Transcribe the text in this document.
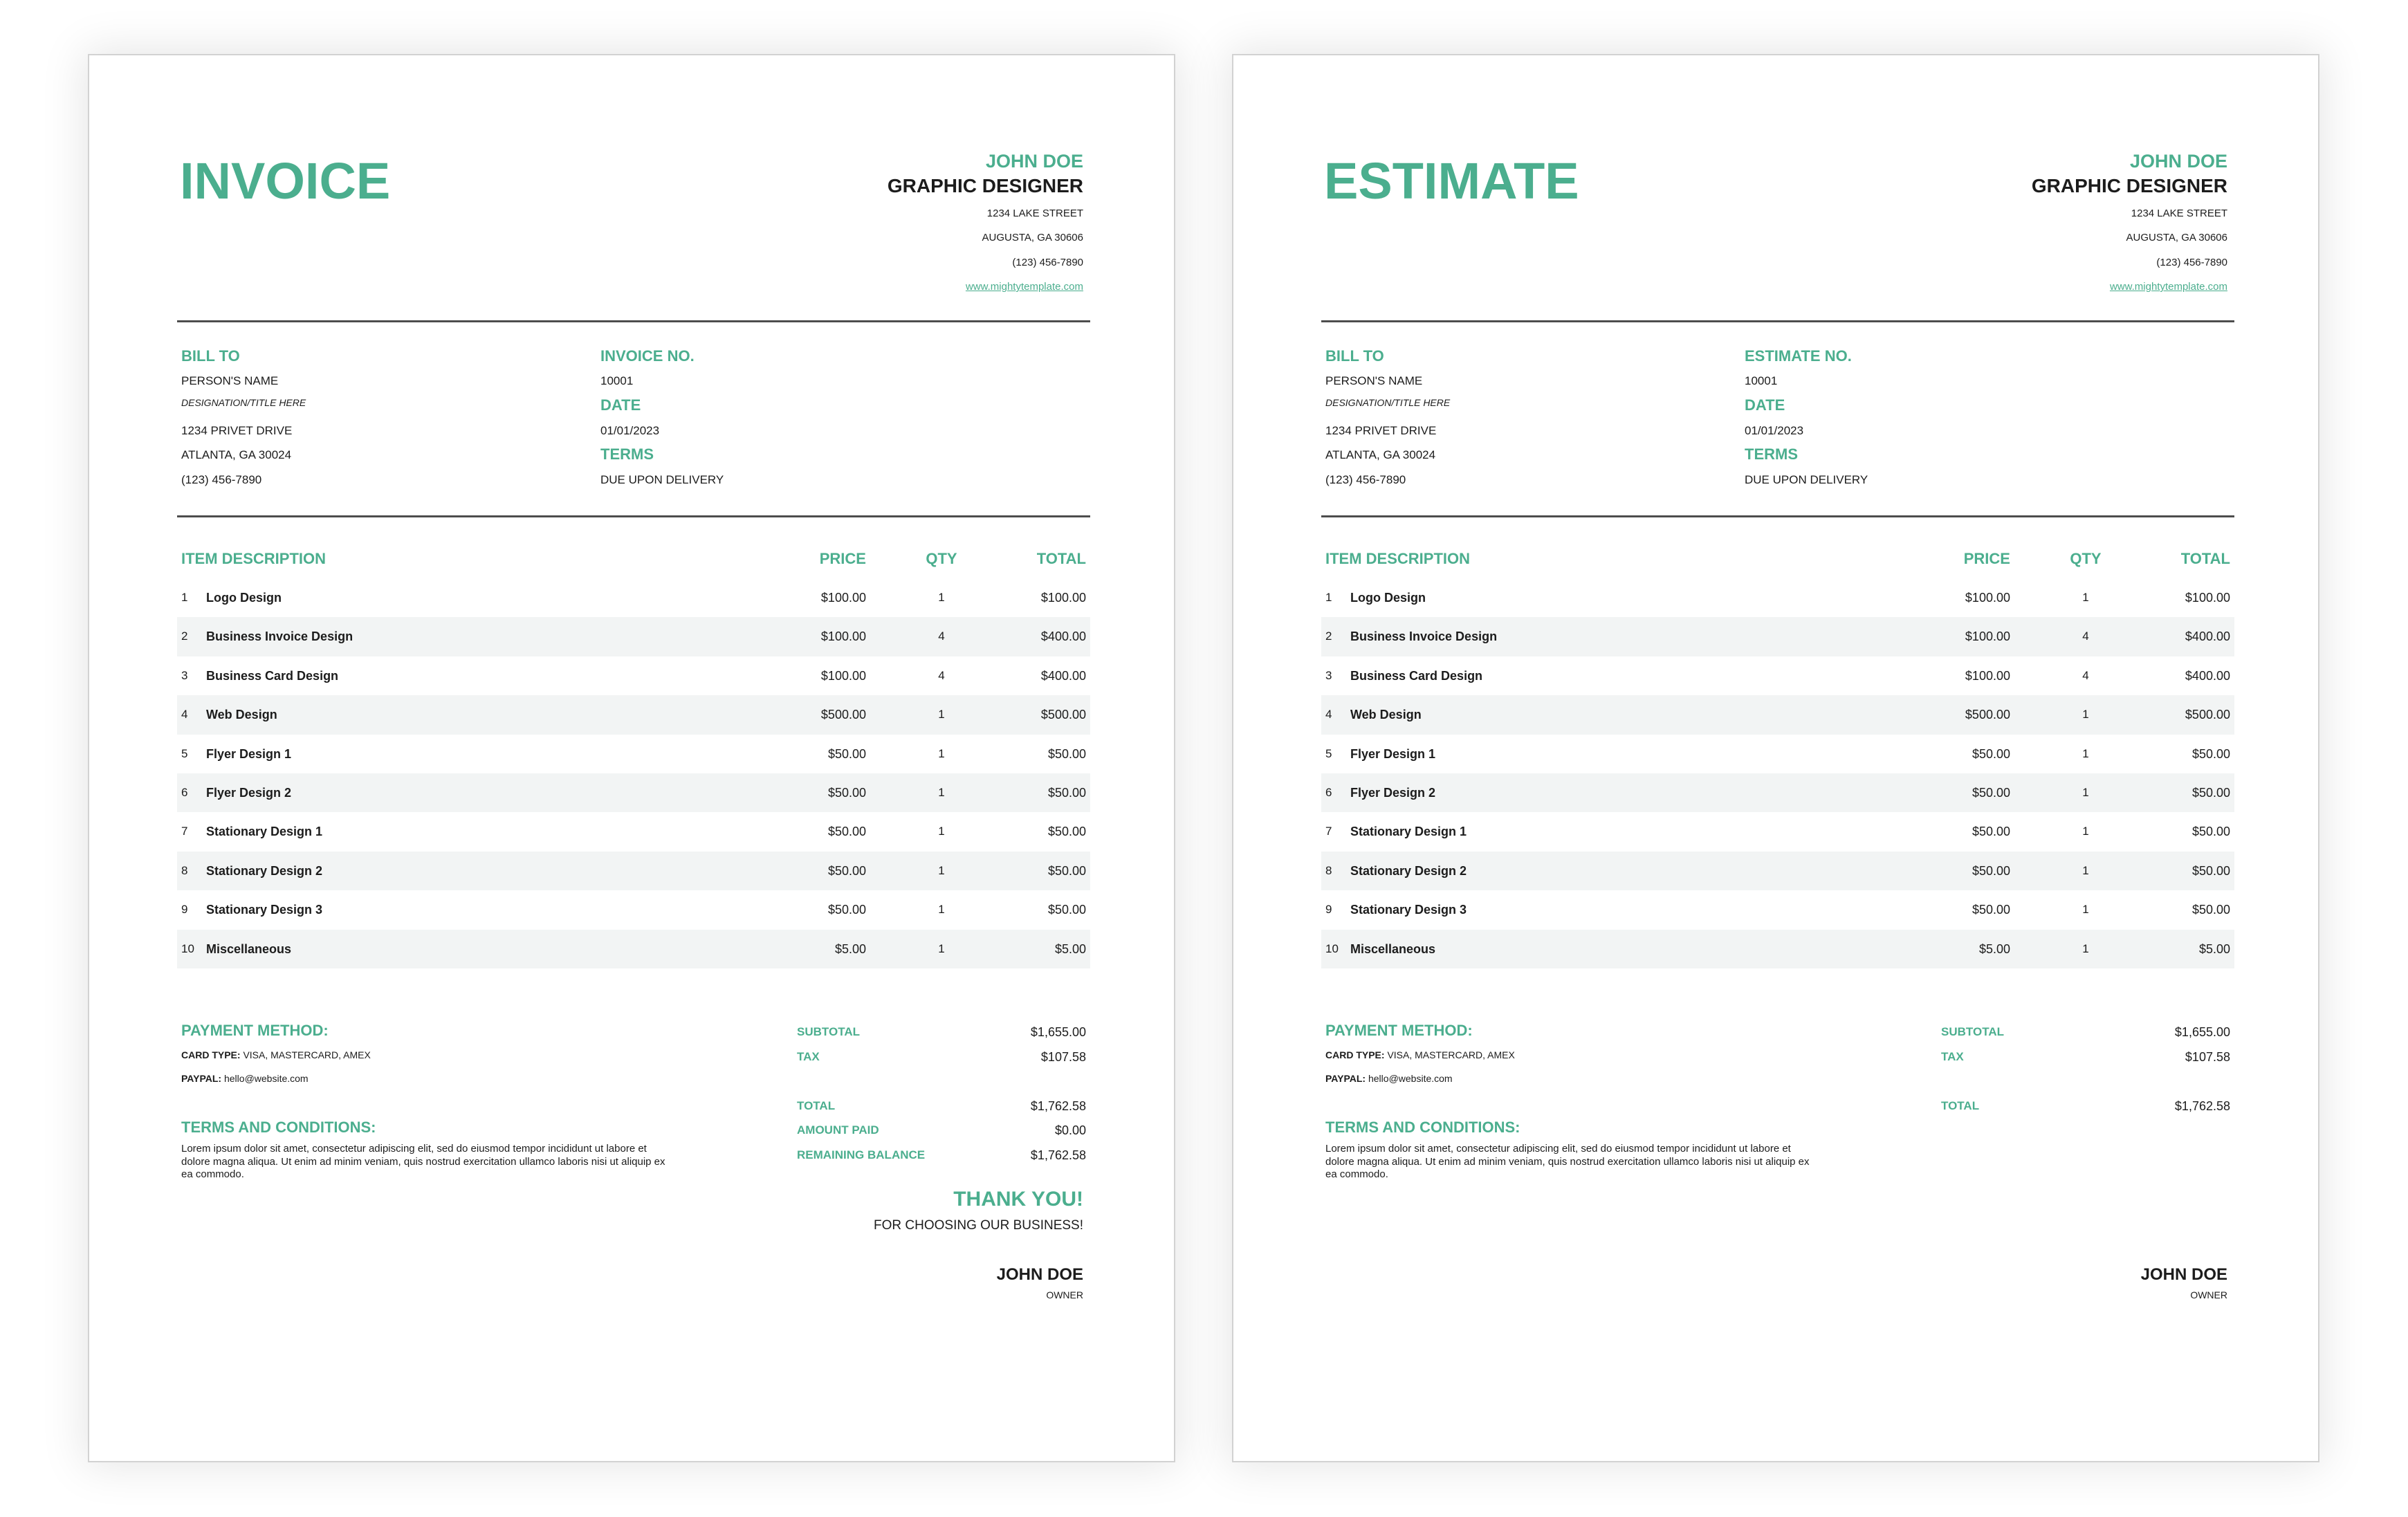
INVOICE	JOHN DOE
GRAPHIC DESIGNER
1234 LAKE STREET
AUGUSTA, GA 30606
(123) 456-7890
www.mightytemplate.com
BILL TO
PERSON'S NAME
DESIGNATION/TITLE HERE
1234 PRIVET DRIVE
ATLANTA, GA 30024
(123) 456-7890
INVOICE NO.
10001
DATE
01/01/2023
TERMS
DUE UPON DELIVERY
ITEM DESCRIPTION	PRICE	QTY	TOTAL
1 Logo Design	$100.00	1	$100.00
2 Business Invoice Design	$100.00	4	$400.00
3 Business Card Design	$100.00	4	$400.00
4 Web Design	$500.00	1	$500.00
5 Flyer Design 1	$50.00	1	$50.00
6 Flyer Design 2	$50.00	1	$50.00
7 Stationary Design 1	$50.00	1	$50.00
8 Stationary Design 2	$50.00	1	$50.00
9 Stationary Design 3	$50.00	1	$50.00
10 Miscellaneous	$5.00	1	$5.00
PAYMENT METHOD:
CARD TYPE: VISA, MASTERCARD, AMEX
PAYPAL: hello@website.com
TERMS AND CONDITIONS:
Lorem ipsum dolor sit amet, consectetur adipiscing elit, sed do eiusmod tempor incididunt ut labore et dolore magna aliqua. Ut enim ad minim veniam, quis nostrud exercitation ullamco laboris nisi ut aliquip ex ea commodo.
SUBTOTAL	$1,655.00
TAX	$107.58
TOTAL	$1,762.58
AMOUNT PAID	$0.00
REMAINING BALANCE	$1,762.58
THANK YOU!
FOR CHOOSING OUR BUSINESS!
JOHN DOE
OWNER
ESTIMATE	JOHN DOE
GRAPHIC DESIGNER
1234 LAKE STREET
AUGUSTA, GA 30606
(123) 456-7890
www.mightytemplate.com
BILL TO
PERSON'S NAME
DESIGNATION/TITLE HERE
1234 PRIVET DRIVE
ATLANTA, GA 30024
(123) 456-7890
ESTIMATE NO.
10001
DATE
01/01/2023
TERMS
DUE UPON DELIVERY
ITEM DESCRIPTION	PRICE	QTY	TOTAL
1 Logo Design	$100.00	1	$100.00
2 Business Invoice Design	$100.00	4	$400.00
3 Business Card Design	$100.00	4	$400.00
4 Web Design	$500.00	1	$500.00
5 Flyer Design 1	$50.00	1	$50.00
6 Flyer Design 2	$50.00	1	$50.00
7 Stationary Design 1	$50.00	1	$50.00
8 Stationary Design 2	$50.00	1	$50.00
9 Stationary Design 3	$50.00	1	$50.00
10 Miscellaneous	$5.00	1	$5.00
PAYMENT METHOD:
CARD TYPE: VISA, MASTERCARD, AMEX
PAYPAL: hello@website.com
TERMS AND CONDITIONS:
Lorem ipsum dolor sit amet, consectetur adipiscing elit, sed do eiusmod tempor incididunt ut labore et dolore magna aliqua. Ut enim ad minim veniam, quis nostrud exercitation ullamco laboris nisi ut aliquip ex ea commodo.
SUBTOTAL	$1,655.00
TAX	$107.58
TOTAL	$1,762.58
JOHN DOE
OWNER
